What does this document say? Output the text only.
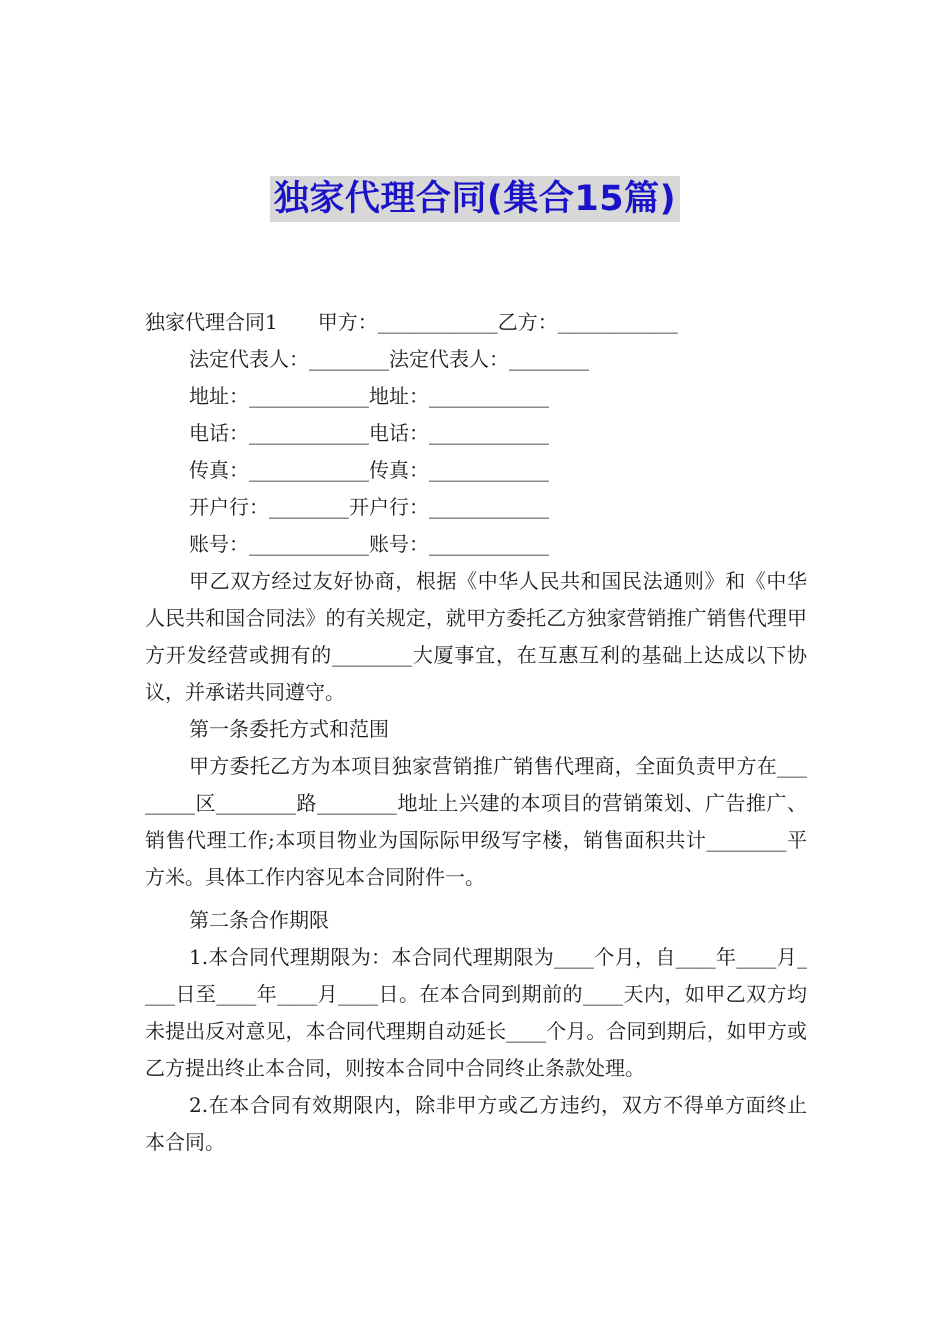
独家代理合同(集合15篇)
独家代理合同1　　甲方：____________乙方：____________
法定代表人：________法定代表人：________
地址：____________地址：____________
电话：____________电话：____________
传真：____________传真：____________
开户行：________开户行：____________
账号：____________账号：____________
甲乙双方经过友好协商，根据《中华人民共和国民法通则》和《中华人民共和国合同法》的有关规定，就甲方委托乙方独家营销推广销售代理甲方开发经营或拥有的________大厦事宜，在互惠互利的基础上达成以下协议，并承诺共同遵守。
第一条委托方式和范围
甲方委托乙方为本项目独家营销推广销售代理商，全面负责甲方在________区________路________地址上兴建的本项目的营销策划、广告推广、销售代理工作;本项目物业为国际际甲级写字楼，销售面积共计________平方米。具体工作内容见本合同附件一。
第二条合作期限
1.本合同代理期限为：本合同代理期限为____个月，自____年____月____日至____年____月____日。在本合同到期前的____天内，如甲乙双方均未提出反对意见，本合同代理期自动延长____个月。合同到期后，如甲方或乙方提出终止本合同，则按本合同中合同终止条款处理。
2.在本合同有效期限内，除非甲方或乙方违约，双方不得单方面终止本合同。
